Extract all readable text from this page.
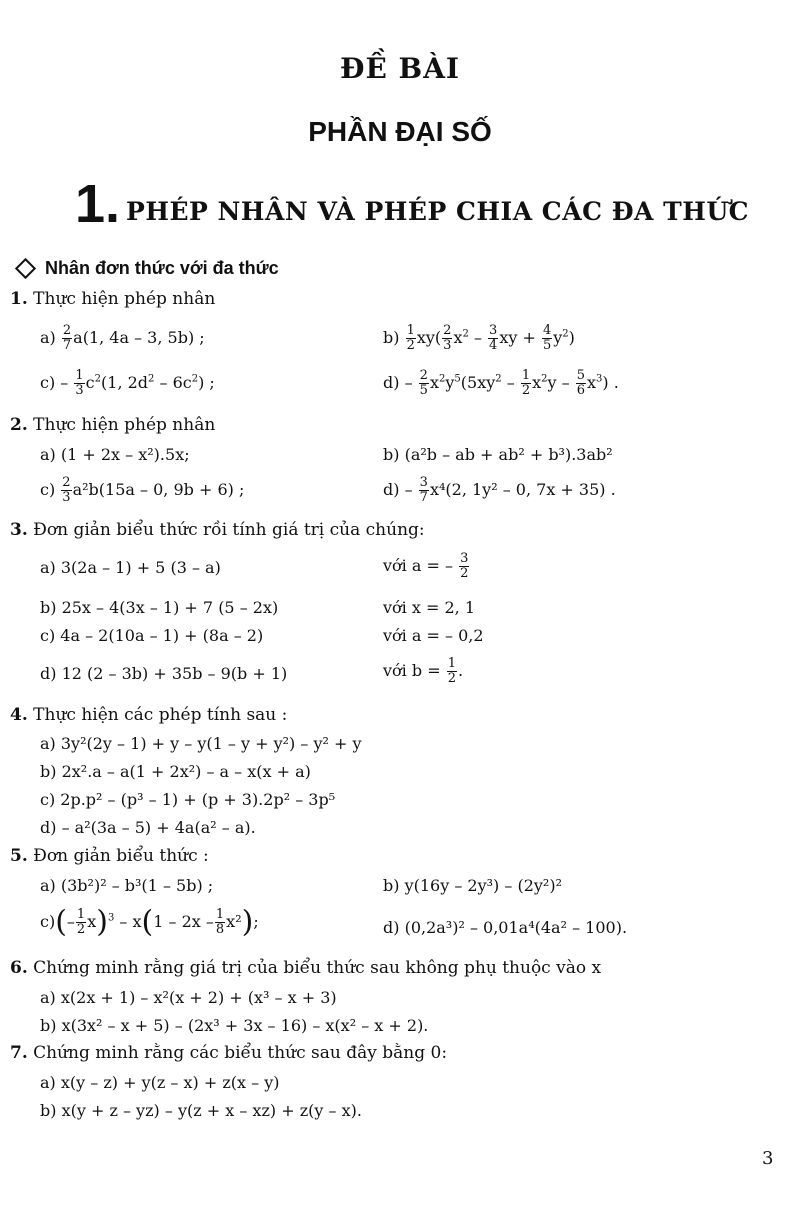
ĐỀ BÀI
PHẦN ĐẠI SỐ
1. PHÉP NHÂN VÀ PHÉP CHIA CÁC ĐA THỨC
Nhân đơn thức với đa thức
1. Thực hiện phép nhân
$a) \frac{2}{7} a(1$, 4a – 3, 5b) ;	$b) \frac{1}{2} xy( \frac{2}{3} x^2 - \frac{3}{4}$ xy + $\frac{4}{5} y^2$)
$c) - \frac{1}{3} c^2(1$, $2d^2 - 6c^2$) ;	$d) - \frac{2}{5} x^2y^5(5xy^2 - \frac{1}{2} x^2y - \frac{5}{6} x^3)$ .
2. Thực hiện phép nhân
a) (1 + 2x – x²).5x;	b) (a²b – ab + ab² + b³).3ab²
$c) \frac{2}{3} a^2b(15a - 0$, 9b + 6) ;	$d) - \frac{3}{7} x^4(2$, 1y² – 0, 7x + 35) .
3. Đơn giản biểu thức rồi tính giá trị của chúng:
a) 3(2a – 1) + 5 (3 – a)	với a = – $\frac{3}{2}$
b) 25x – 4(3x – 1) + 7 (5 – 2x)	với x = 2, 1
c) 4a – 2(10a – 1) + (8a – 2)	với a = – 0,2
d) 12 (2 – 3b) + 35b – 9(b + 1)	với $b = \frac{1}{2}$ .
4. Thực hiện các phép tính sau :
a) 3y²(2y – 1) + y – y(1 – y + y²) – y² + y
b) 2x².a – a(1 + 2x²) – a – x(x + a)
c) 2p.p² – (p³ – 1) + (p + 3).2p² – 3p⁵
d) – a²(3a – 5) + 4a(a² – a).
5. Đơn giản biểu thức :
a) (3b²)² – b³(1 – 5b) ;	b) y(16y – 2y³) – (2y²)²
$c)(- \frac{1}{2} x)^3 - x(1 - 2x - \frac{1}{8} x^2)$;	d) (0,2a³)² – 0,01a⁴(4a² – 100).
6. Chứng minh rằng giá trị của biểu thức sau không phụ thuộc vào x
a) x(2x + 1) – x²(x + 2) + (x³ – x + 3)
b) x(3x² – x + 5) – (2x³ + 3x – 16) – x(x² – x + 2).
7. Chứng minh rằng các biểu thức sau đây bằng 0:
a) x(y – z) + y(z – x) + z(x – y)
b) x(y + z – yz) – y(z + x – xz) + z(y – x).
3
